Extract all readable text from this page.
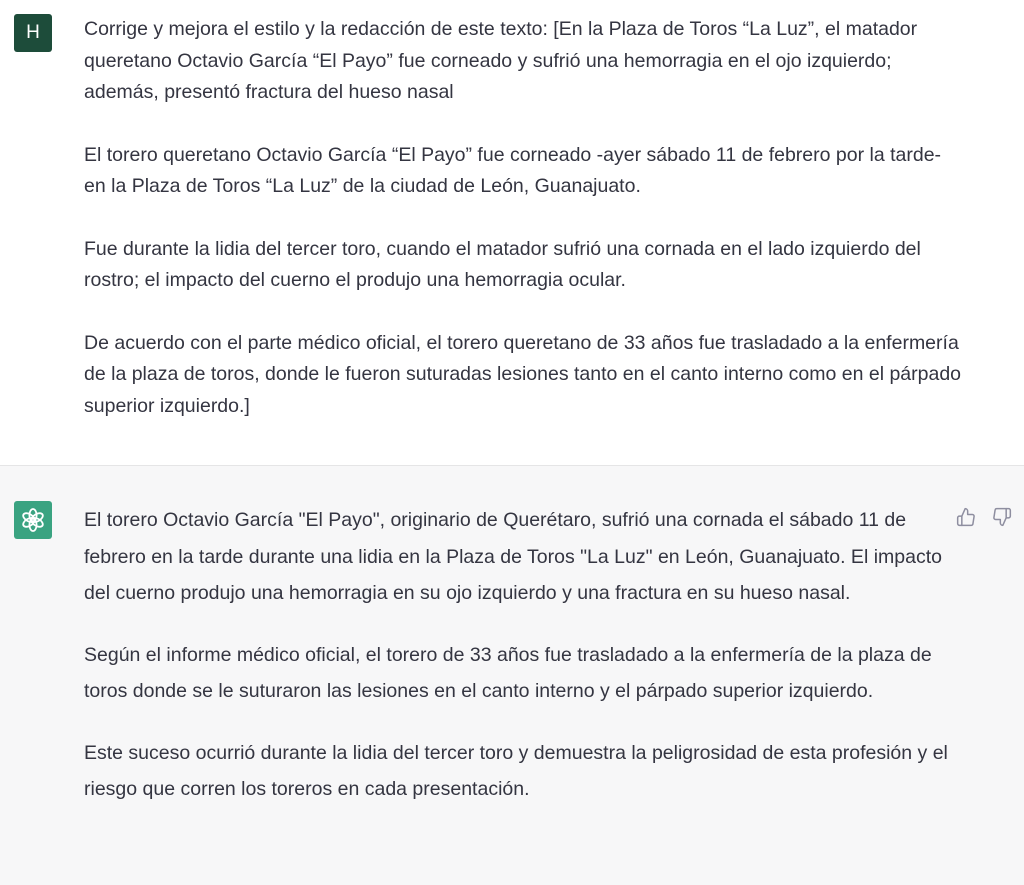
H	Corrige y mejora el estilo y la redacción de este texto: [En la Plaza de Toros “La Luz”, el matador queretano Octavio García “El Payo” fue corneado y sufrió una hemorragia en el ojo izquierdo; además, presentó fractura del hueso nasal

El torero queretano Octavio García “El Payo” fue corneado -ayer sábado 11 de febrero por la tarde- en la Plaza de Toros “La Luz” de la ciudad de León, Guanajuato.

Fue durante la lidia del tercer toro, cuando el matador sufrió una cornada en el lado izquierdo del rostro; el impacto del cuerno el produjo una hemorragia ocular.

De acuerdo con el parte médico oficial, el torero queretano de 33 años fue trasladado a la enfermería de la plaza de toros, donde le fueron suturadas lesiones tanto en el canto interno como en el párpado superior izquierdo.]

El torero Octavio García "El Payo", originario de Querétaro, sufrió una cornada el sábado 11 de febrero en la tarde durante una lidia en la Plaza de Toros "La Luz" en León, Guanajuato. El impacto del cuerno produjo una hemorragia en su ojo izquierdo y una fractura en su hueso nasal.

Según el informe médico oficial, el torero de 33 años fue trasladado a la enfermería de la plaza de toros donde se le suturaron las lesiones en el canto interno y el párpado superior izquierdo.

Este suceso ocurrió durante la lidia del tercer toro y demuestra la peligrosidad de esta profesión y el riesgo que corren los toreros en cada presentación.
